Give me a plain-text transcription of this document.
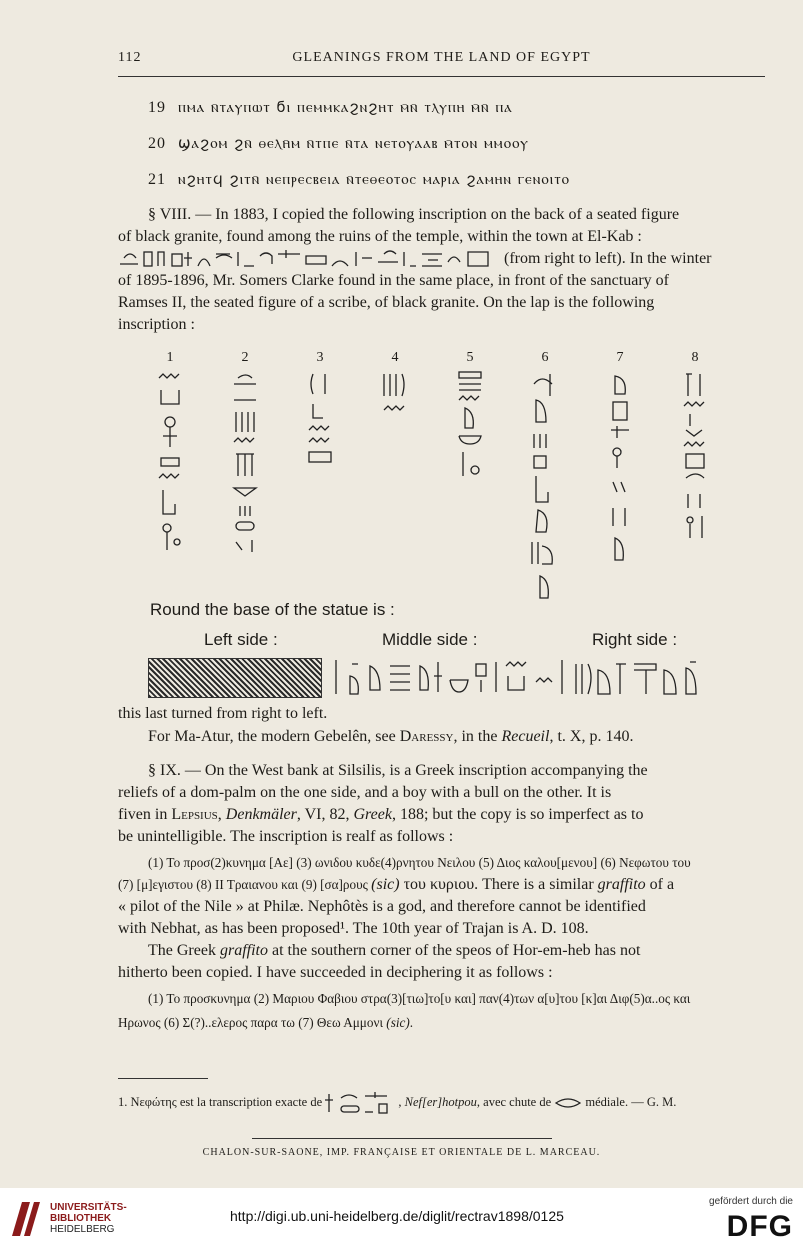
112	GLEANINGS FROM THE LAND OF EGYPT
19 ⲡⲙⲁ ⲛ̄ⲧⲁⲩⲡⲱⲧ ϭⲓ ⲡⲉⲙⲙⲕⲁϩⲛϩⲏⲧ ⲙ̄ⲛ̄ ⲧⲗⲩⲡⲏ ⲙ̄ⲛ̄ ⲡⲁ
20 ϣⲁϩⲟⲙ ϩⲛ̄ ⲑⲉⲗⲏ̄ⲙ ⲛ̄ⲧⲡⲉ ⲛ̄ⲧⲁ ⲛⲉⲧⲟⲩⲁⲁⲃ ⲙ̄ⲧⲟⲛ ⲙⲙⲟⲟⲩ
21 ⲛϩⲏⲧϥ ϩⲓⲧⲛ̄ ⲛⲉⲡⲣⲉⲥⲃⲉⲓⲁ ⲛ̄ⲧⲉⲑⲉⲟⲧⲟⲥ ⲙⲁⲣⲓⲁ ϩⲁⲙⲏⲛ ⲅⲉⲛⲟⲓⲧⲟ
§ VIII. — In 1883, I copied the following inscription on the back of a seated figure
of black granite, found among the ruins of the temple, within the town at El-Kab :
(from right to left). In the winter
of 1895-1896, Mr. Somers Clarke found in the same place, in front of the sanctuary of
Ramses II, the seated figure of a scribe, of black granite. On the lap is the following
inscription :
1	2	3	4	5	6	7	8
Round the base of the statue is :
Left side :	Middle side :	Right side :
this last turned from right to left.
For Ma-Atur, the modern Gebelên, see Daressy, in the Recueil, t. X, p. 140.
§ IX. — On the West bank at Silsilis, is a Greek inscription accompanying the
reliefs of a dom-palm on the one side, and a boy with a bull on the other. It is
fiven in Lepsius, Denkmäler, VI, 82, Greek, 188; but the copy is so imperfect as to
be unintelligible. The inscription is realf as follows :
(1) Το προσ(2)κυνημα [Αε] (3) ωνιδου κυδε(4)ρνητου Νειλου (5) Διος καλου[μενου] (6) Νεφωτου του
(7) [μ]εγιστου (8) ΙΙ Τραιανου και (9) [σα]ρους (sic) του κυριου. There is a similar graffito of a
« pilot of the Nile » at Philæ. Nephôtès is a god, and therefore cannot be identified
with Nebhat, as has been proposed¹. The 10th year of Trajan is A. D. 108.
The Greek graffito at the southern corner of the speos of Hor-em-heb has not
hitherto been copied. I have succeeded in deciphering it as follows :
(1) Το προσκυνημα (2) Μαριου Φαβιου στρα(3)[τιω]το[υ και] παν(4)των α[υ]του [κ]αι Διφ(5)α..ος και
Ηρωνος (6) Σ(?)..ελερος παρα τω (7) Θεω Αμμονι (sic).
1. Νεφώτης est la transcription exacte de	, Nef[er]hotpou, avec chute de  médiale. — G. M.
CHALON-SUR-SAONE, IMP. FRANÇAISE ET ORIENTALE DE L. MARCEAU.
UNIVERSITÄTS-
BIBLIOTHEK
HEIDELBERG
http://digi.ub.uni-heidelberg.de/diglit/rectrav1898/0125
gefördert durch die
DFG
